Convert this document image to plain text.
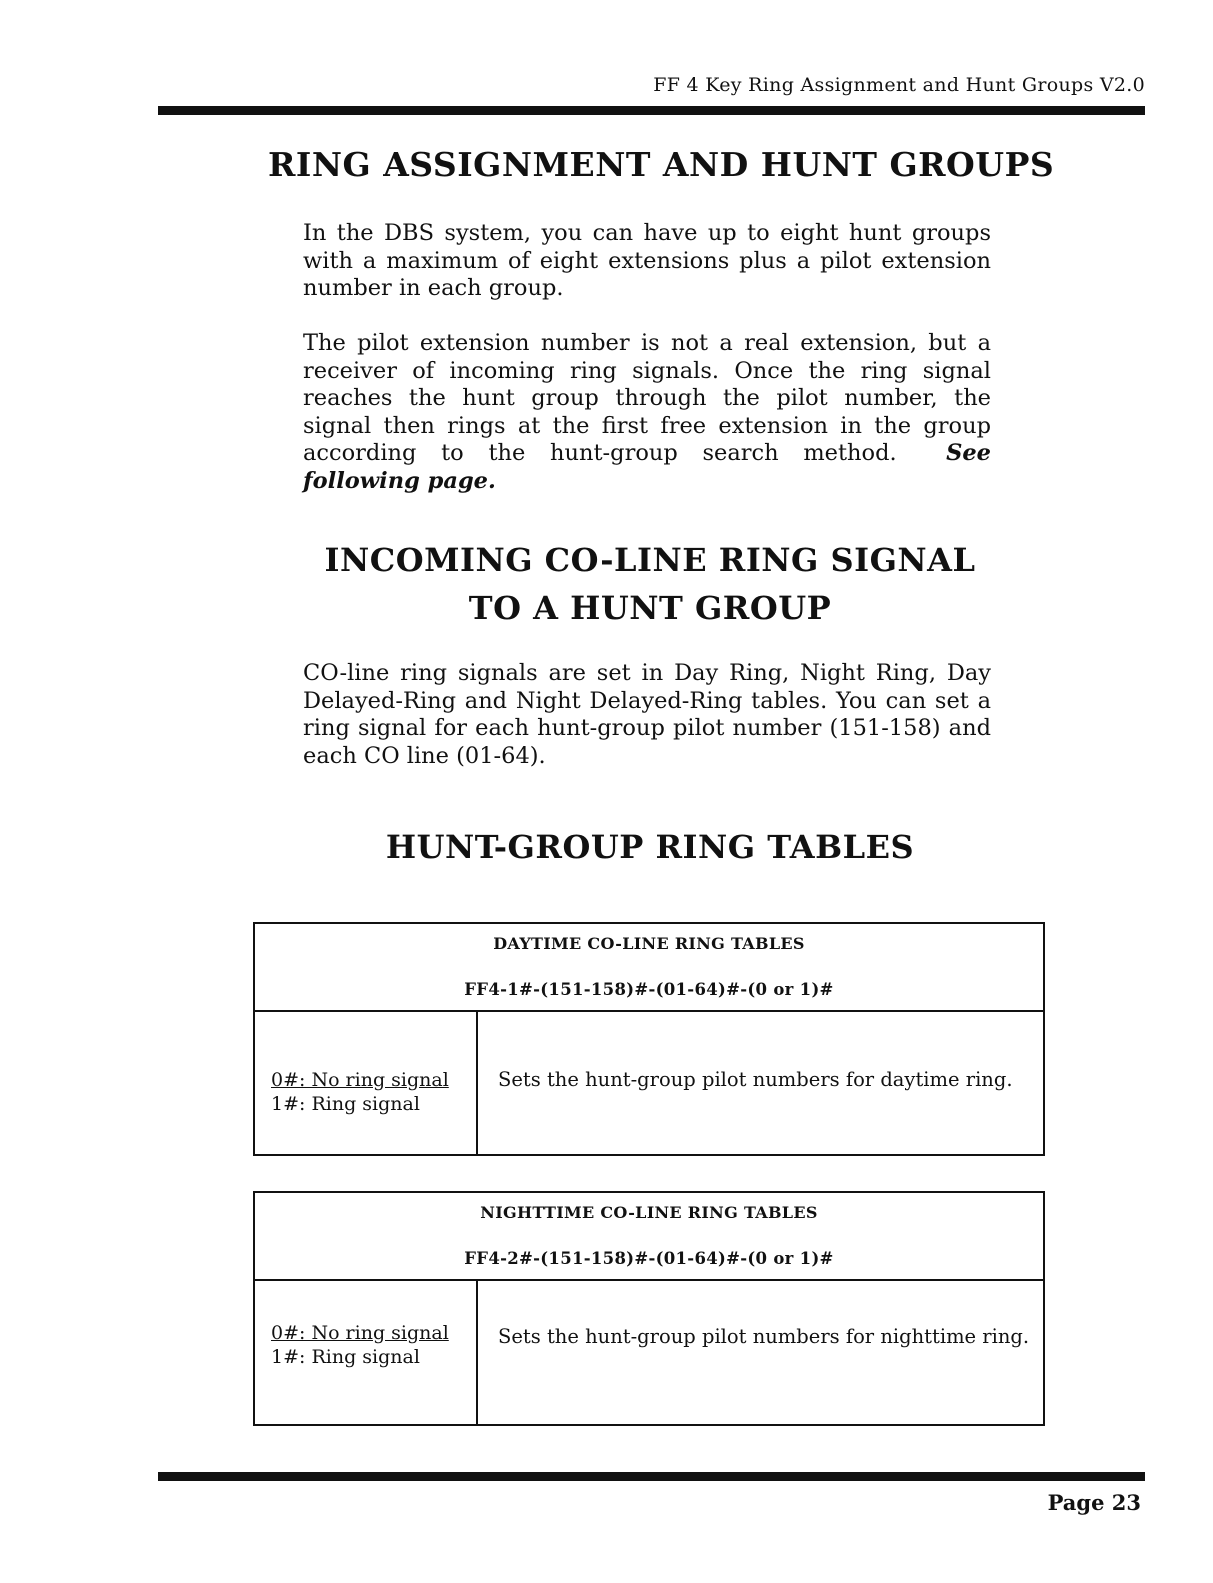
FF 4 Key Ring Assignment and Hunt Groups V2.0
RING ASSIGNMENT AND HUNT GROUPS

In the DBS system, you can have up to eight hunt groups with a maximum of eight extensions plus a pilot extension number in each group.

The pilot extension number is not a real extension, but a receiver of incoming ring signals. Once the ring signal reaches the hunt group through the pilot number, the signal then rings at the first free extension in the group according to the hunt-group search method. See following page.

INCOMING CO-LINE RING SIGNAL
TO A HUNT GROUP

CO-line ring signals are set in Day Ring, Night Ring, Day Delayed-Ring and Night Delayed-Ring tables. You can set a ring signal for each hunt-group pilot number (151-158) and each CO line (01-64).

HUNT-GROUP RING TABLES
DAYTIME CO-LINE RING TABLES
FF4-1#-(151-158)#-(01-64)#-(0 or 1)#
0#: No ring signal
1#: Ring signal
Sets the hunt-group pilot numbers for daytime ring.
NIGHTTIME CO-LINE RING TABLES
FF4-2#-(151-158)#-(01-64)#-(0 or 1)#
0#: No ring signal
1#: Ring signal
Sets the hunt-group pilot numbers for nighttime ring.
Page 23
